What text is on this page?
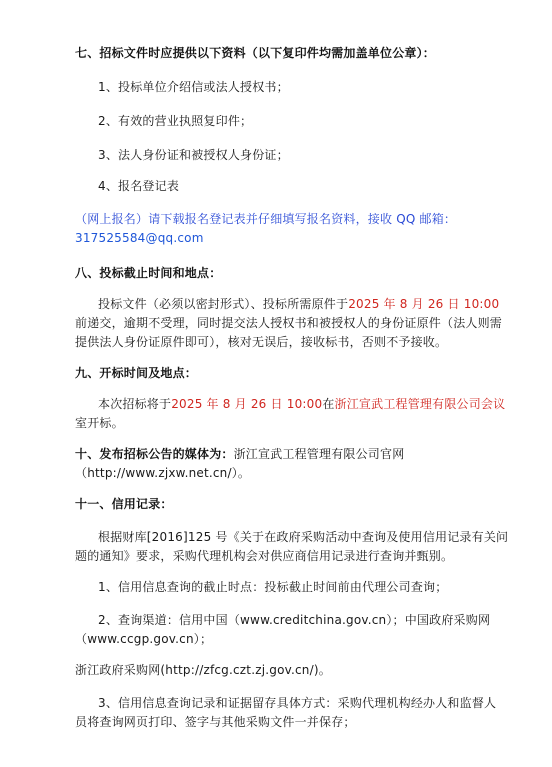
七、招标文件时应提供以下资料（以下复印件均需加盖单位公章）：
1、投标单位介绍信或法人授权书；
2、有效的营业执照复印件；
3、法人身份证和被授权人身份证；
4、报名登记表
（网上报名）请下载报名登记表并仔细填写报名资料，接收 QQ 邮箱：
317525584@qq.com
八、投标截止时间和地点：
投标文件（必须以密封形式）、投标所需原件于2025 年 8 月 26 日 10:00
前递交，逾期不受理，同时提交法人授权书和被授权人的身份证原件（法人则需
提供法人身份证原件即可），核对无误后，接收标书，否则不予接收。
九、开标时间及地点：
本次招标将于2025 年 8 月 26 日 10:00在浙江宣武工程管理有限公司会议
室开标。
十、发布招标公告的媒体为：浙江宣武工程管理有限公司官网
（http://www.zjxw.net.cn/）。
十一、信用记录：
根据财库[2016]125 号《关于在政府采购活动中查询及使用信用记录有关问
题的通知》要求，采购代理机构会对供应商信用记录进行查询并甄别。
1、信用信息查询的截止时点：投标截止时间前由代理公司查询；
2、查询渠道：信用中国（www.creditchina.gov.cn）；中国政府采购网
（www.ccgp.gov.cn）；
浙江政府采购网(http://zfcg.czt.zj.gov.cn/)。
3、信用信息查询记录和证据留存具体方式：采购代理机构经办人和监督人
员将查询网页打印、签字与其他采购文件一并保存；
